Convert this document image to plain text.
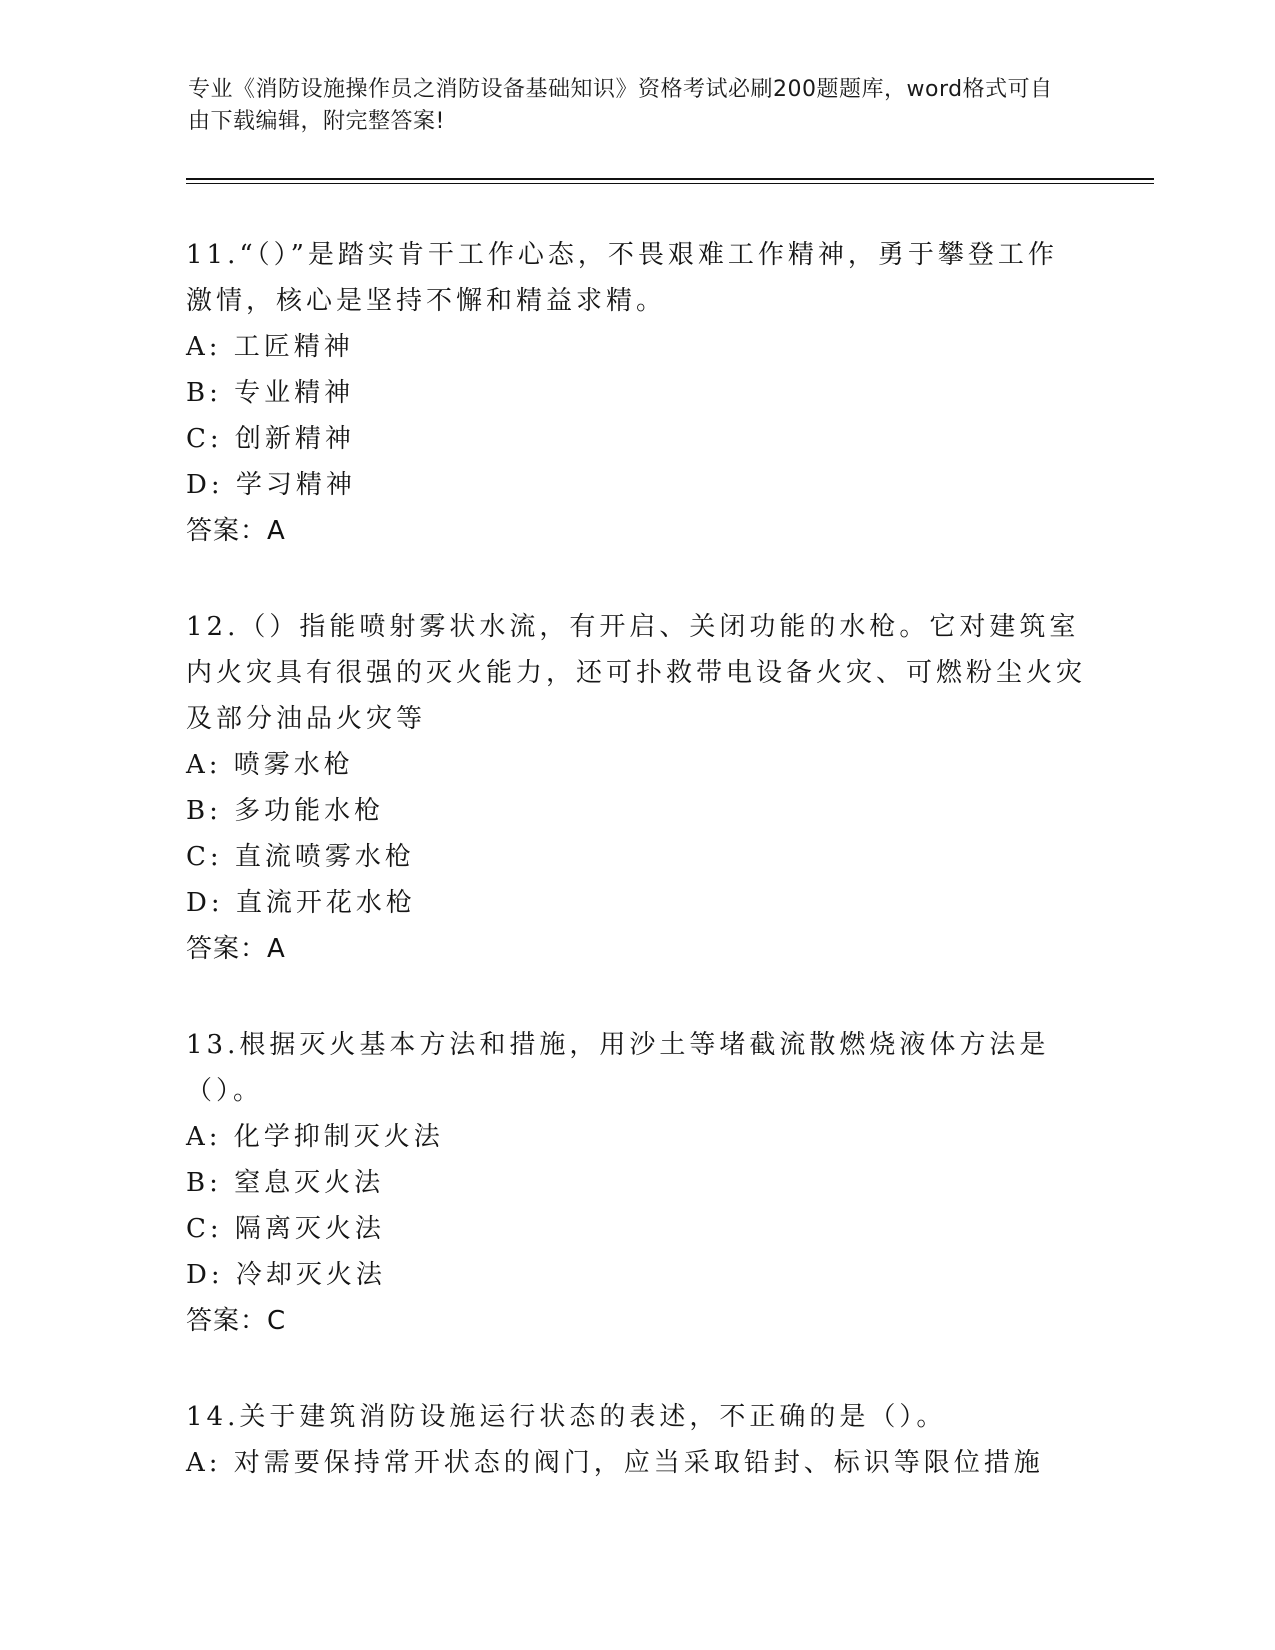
专业《消防设施操作员之消防设备基础知识》资格考试必刷200题题库，word格式可自由下载编辑，附完整答案!
11.“（）”是踏实肯干工作心态，不畏艰难工作精神，勇于攀登工作激情，核心是坚持不懈和精益求精。
A: 工匠精神
B: 专业精神
C: 创新精神
D: 学习精神
答案：A
12.（）指能喷射雾状水流，有开启、关闭功能的水枪。它对建筑室内火灾具有很强的灭火能力，还可扑救带电设备火灾、可燃粉尘火灾及部分油品火灾等
A: 喷雾水枪
B: 多功能水枪
C: 直流喷雾水枪
D: 直流开花水枪
答案：A
13.根据灭火基本方法和措施，用沙土等堵截流散燃烧液体方法是（）。
A: 化学抑制灭火法
B: 窒息灭火法
C: 隔离灭火法
D: 冷却灭火法
答案：C
14.关于建筑消防设施运行状态的表述，不正确的是（）。
A: 对需要保持常开状态的阀门，应当采取铅封、标识等限位措施
